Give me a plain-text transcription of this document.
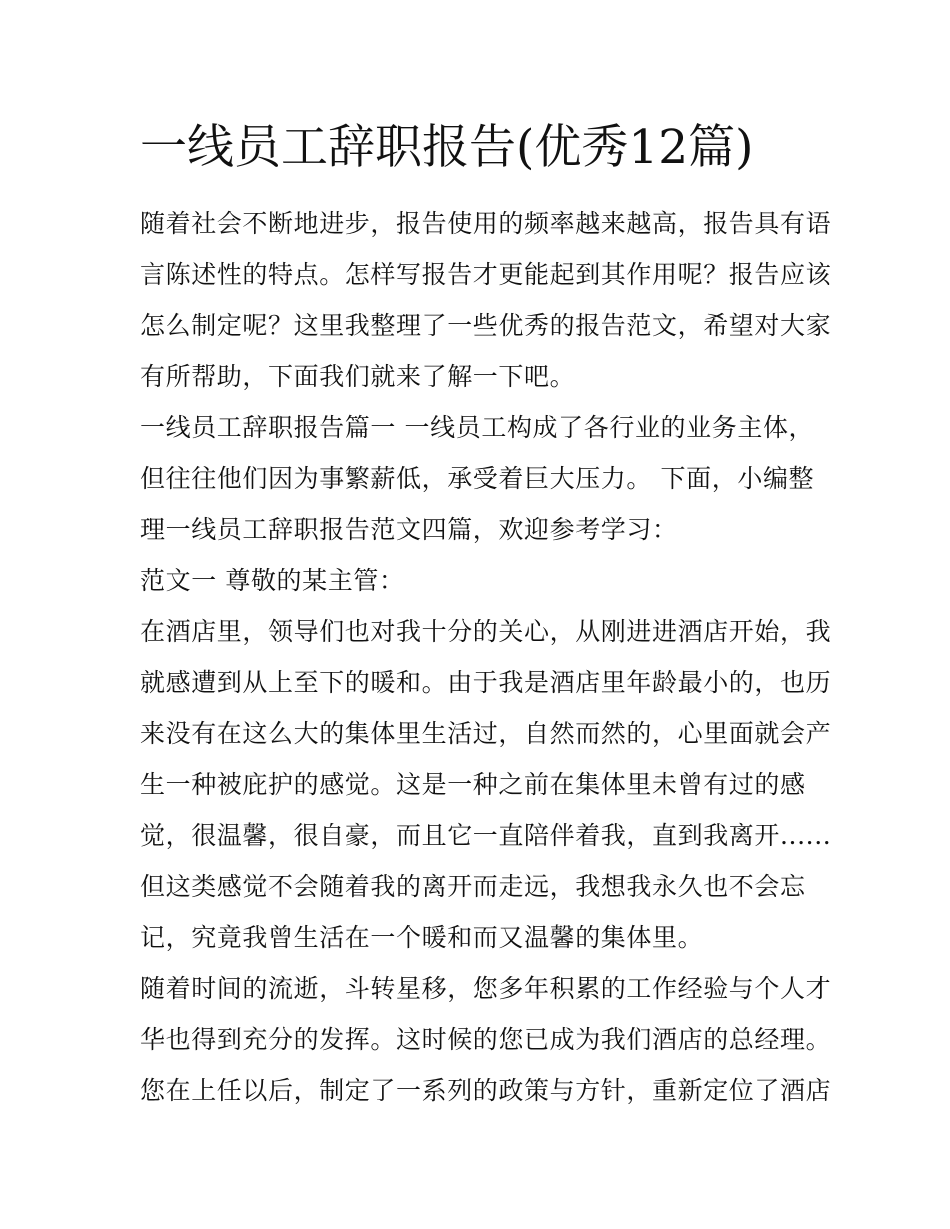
一线员工辞职报告(优秀12篇)
随着社会不断地进步，报告使用的频率越来越高，报告具有语
言陈述性的特点。怎样写报告才更能起到其作用呢？报告应该
怎么制定呢？这里我整理了一些优秀的报告范文，希望对大家
有所帮助，下面我们就来了解一下吧。
一线员工辞职报告篇一 一线员工构成了各行业的业务主体，
但往往他们因为事繁薪低，承受着巨大压力。 下面，小编整
理一线员工辞职报告范文四篇，欢迎参考学习：
范文一 尊敬的某主管：
在酒店里，领导们也对我十分的关心，从刚进进酒店开始，我
就感遭到从上至下的暖和。由于我是酒店里年龄最小的，也历
来没有在这么大的集体里生活过，自然而然的，心里面就会产
生一种被庇护的感觉。这是一种之前在集体里未曾有过的感
觉，很温馨，很自豪，而且它一直陪伴着我，直到我离开......
但这类感觉不会随着我的离开而走远，我想我永久也不会忘
记，究竟我曾生活在一个暖和而又温馨的集体里。
随着时间的流逝，斗转星移，您多年积累的工作经验与个人才
华也得到充分的发挥。这时候的您已成为我们酒店的总经理。
您在上任以后，制定了一系列的政策与方针，重新定位了酒店
